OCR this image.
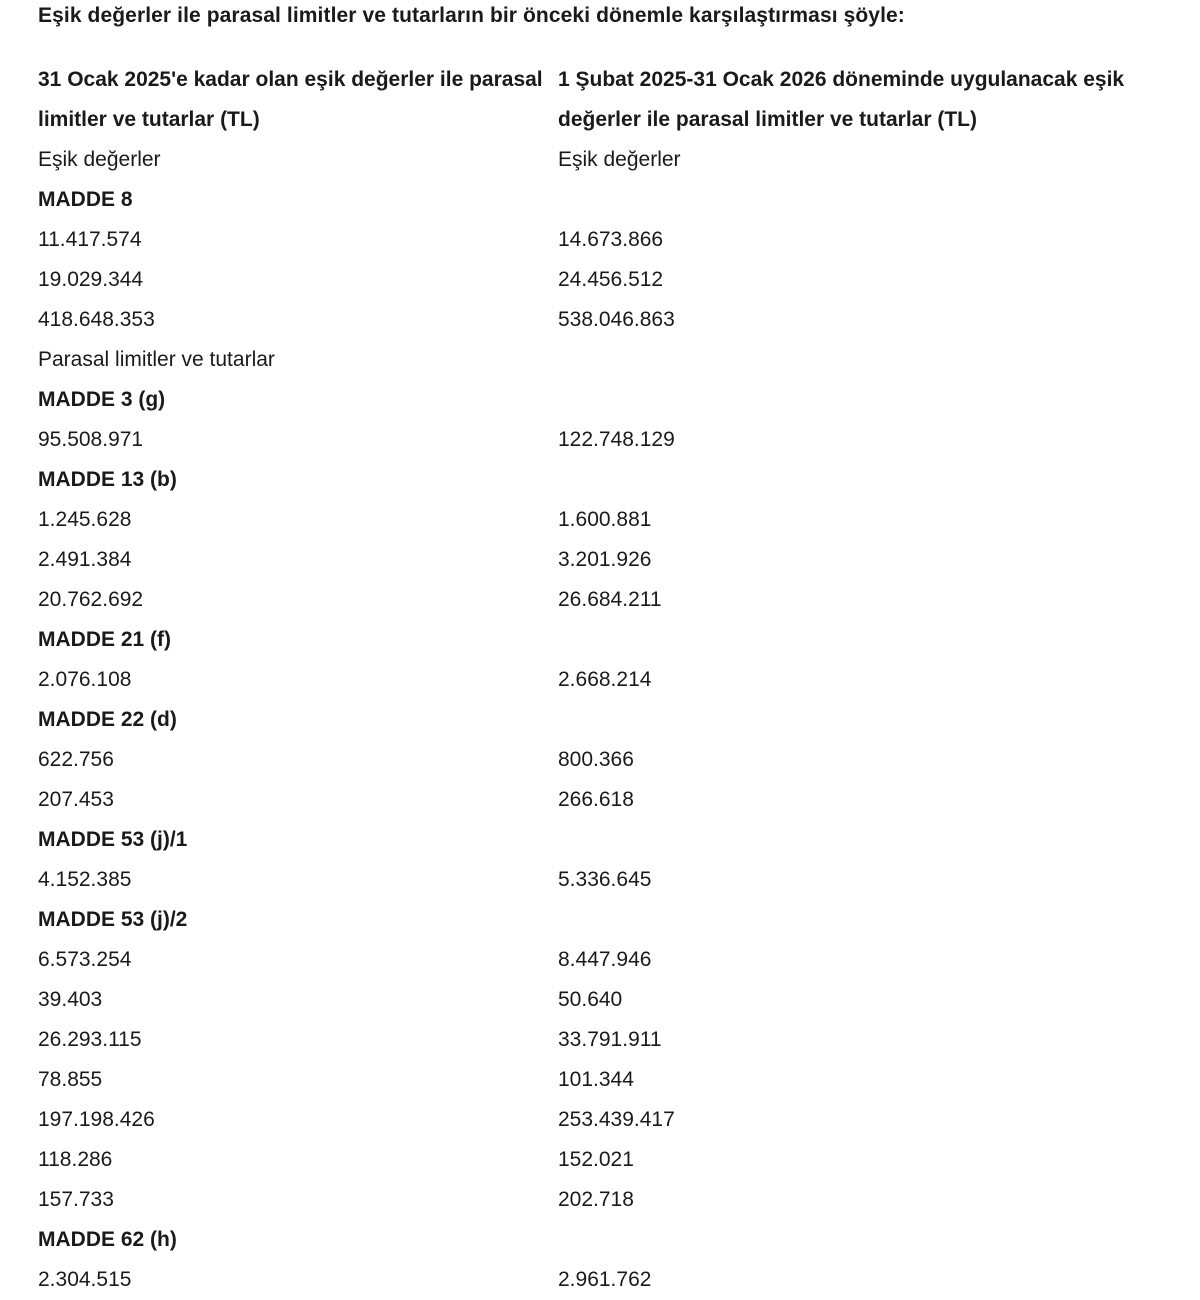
Eşik değerler ile parasal limitler ve tutarların bir önceki dönemle karşılaştırması şöyle:
31 Ocak 2025'e kadar olan eşik değerler ile parasal limitler ve tutarlar (TL)
1 Şubat 2025-31 Ocak 2026 döneminde uygulanacak eşik değerler ile parasal limitler ve tutarlar (TL)
Eşik değerler	Eşik değerler
MADDE 8
11.417.574	14.673.866
19.029.344	24.456.512
418.648.353	538.046.863
Parasal limitler ve tutarlar
MADDE 3 (g)
95.508.971	122.748.129
MADDE 13 (b)
1.245.628	1.600.881
2.491.384	3.201.926
20.762.692	26.684.211
MADDE 21 (f)
2.076.108	2.668.214
MADDE 22 (d)
622.756	800.366
207.453	266.618
MADDE 53 (j)/1
4.152.385	5.336.645
MADDE 53 (j)/2
6.573.254	8.447.946
39.403	50.640
26.293.115	33.791.911
78.855	101.344
197.198.426	253.439.417
118.286	152.021
157.733	202.718
MADDE 62 (h)
2.304.515	2.961.762
